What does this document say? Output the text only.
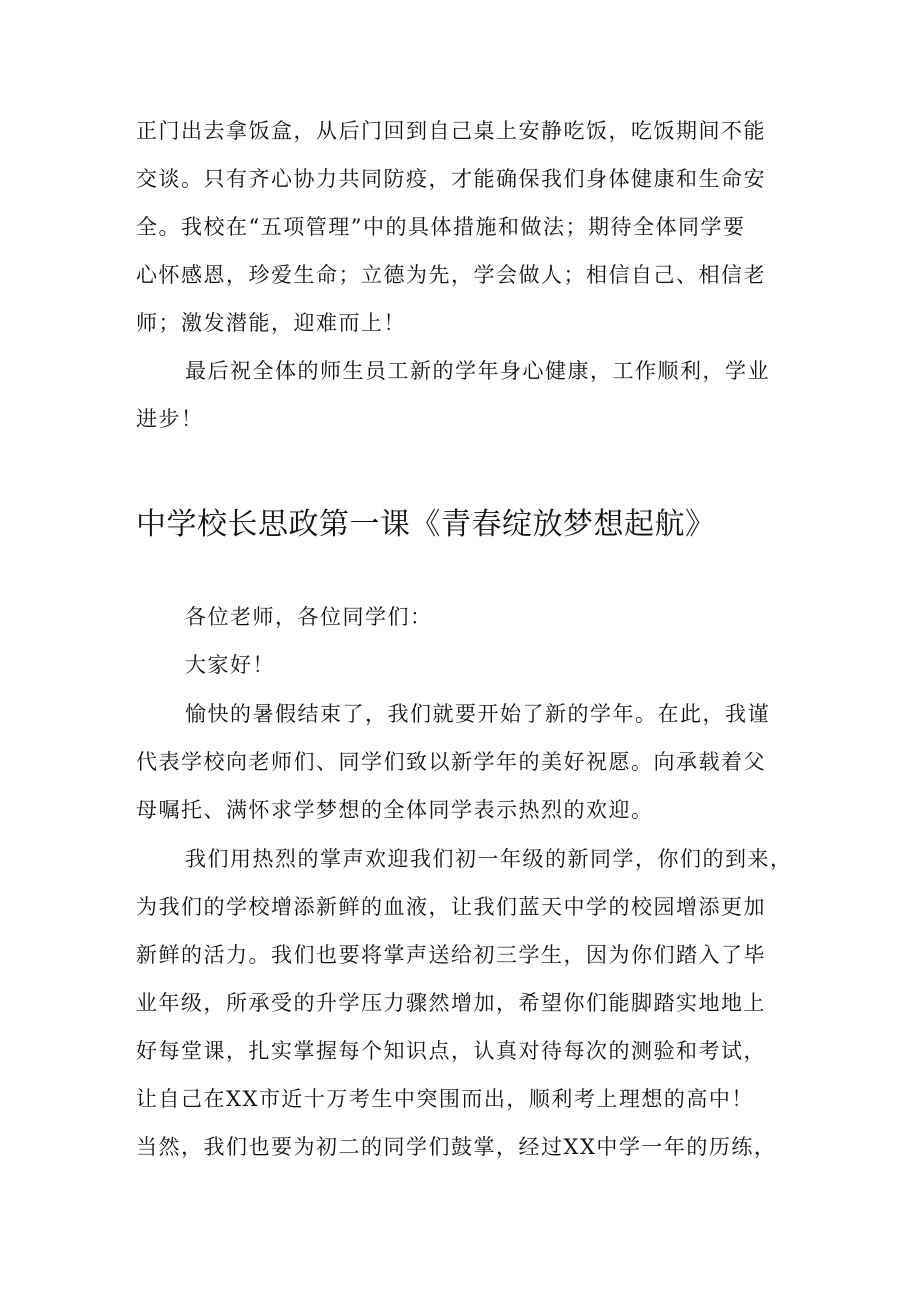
正门出去拿饭盒，从后门回到自己桌上安静吃饭，吃饭期间不能

交谈。只有齐心协力共同防疫，才能确保我们身体健康和生命安

全。我校在“五项管理”中的具体措施和做法；期待全体同学要

心怀感恩，珍爱生命；立德为先，学会做人；相信自己、相信老

师；激发潜能，迎难而上！

最后祝全体的师生员工新的学年身心健康，工作顺利，学业

进步！

中学校长思政第一课《青春绽放梦想起航》

各位老师，各位同学们：

大家好！

愉快的暑假结束了，我们就要开始了新的学年。在此，我谨

代表学校向老师们、同学们致以新学年的美好祝愿。向承载着父

母嘱托、满怀求学梦想的全体同学表示热烈的欢迎。

我们用热烈的掌声欢迎我们初一年级的新同学，你们的到来，

为我们的学校增添新鲜的血液，让我们蓝天中学的校园增添更加

新鲜的活力。我们也要将掌声送给初三学生，因为你们踏入了毕

业年级，所承受的升学压力骤然增加，希望你们能脚踏实地地上

好每堂课，扎实掌握每个知识点，认真对待每次的测验和考试，

让自己在XX市近十万考生中突围而出，顺利考上理想的高中！

当然，我们也要为初二的同学们鼓掌，经过XX中学一年的历练，
